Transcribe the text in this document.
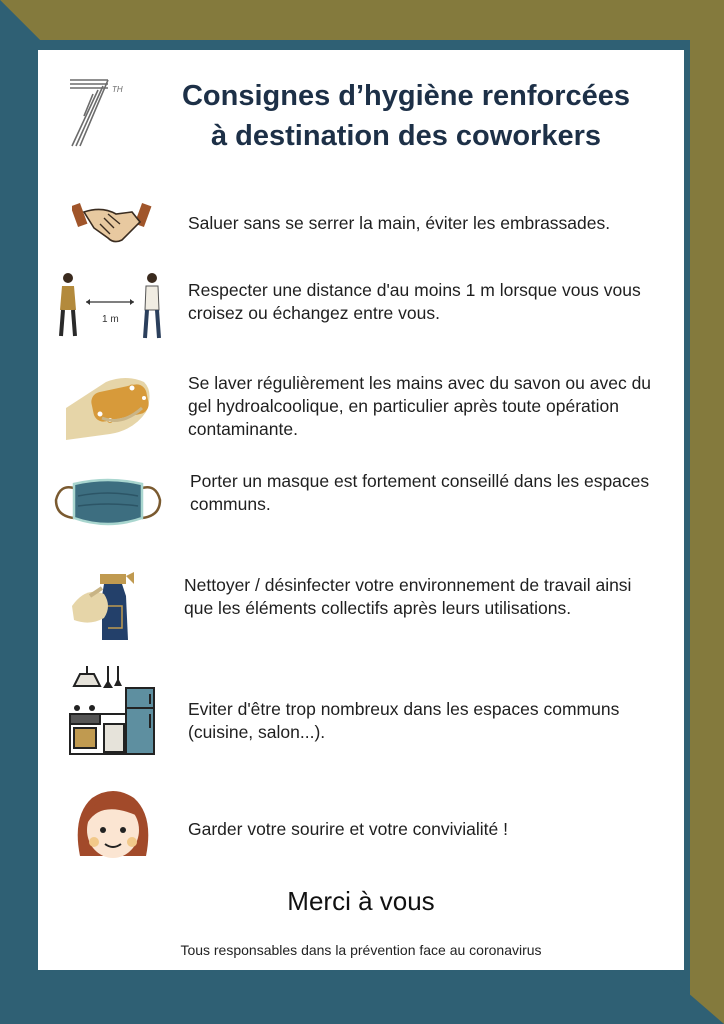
TH	Consignes d’hygiène renforcées
à destination des coworkers

Saluer sans se serrer la main, éviter les embrassades.

1 m

Respecter une distance d'au moins 1 m lorsque vous vous croisez ou échangez entre vous.

Se laver régulièrement les mains avec du savon ou avec du gel hydroalcoolique, en particulier après toute opération contaminante.

Porter un masque est fortement conseillé dans les espaces communs.

Nettoyer / désinfecter votre environnement de travail ainsi que les éléments collectifs après leurs utilisations.

Eviter d'être trop nombreux dans les espaces communs (cuisine, salon...).

Garder votre sourire et votre convivialité !

Merci à vous

Tous responsables dans la prévention face au coronavirus
